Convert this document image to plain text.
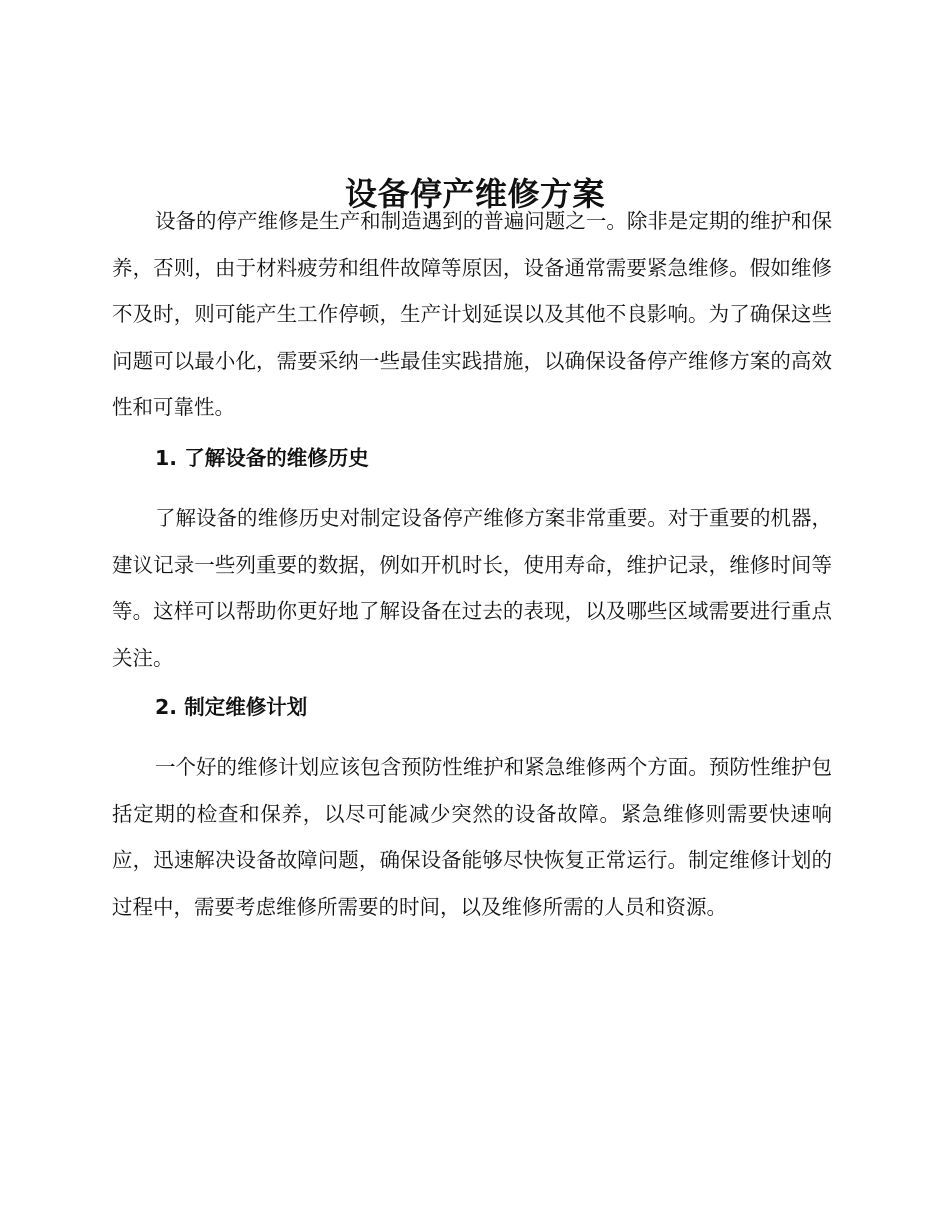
设备停产维修方案

设备的停产维修是生产和制造遇到的普遍问题之一。除非是定期的维护和保养，否则，由于材料疲劳和组件故障等原因，设备通常需要紧急维修。假如维修不及时，则可能产生工作停顿，生产计划延误以及其他不良影响。为了确保这些问题可以最小化，需要采纳一些最佳实践措施，以确保设备停产维修方案的高效性和可靠性。

1. 了解设备的维修历史

了解设备的维修历史对制定设备停产维修方案非常重要。对于重要的机器，建议记录一些列重要的数据，例如开机时长，使用寿命，维护记录，维修时间等等。这样可以帮助你更好地了解设备在过去的表现，以及哪些区域需要进行重点关注。

2. 制定维修计划

一个好的维修计划应该包含预防性维护和紧急维修两个方面。预防性维护包括定期的检查和保养，以尽可能减少突然的设备故障。紧急维修则需要快速响应，迅速解决设备故障问题，确保设备能够尽快恢复正常运行。制定维修计划的过程中，需要考虑维修所需要的时间，以及维修所需的人员和资源。
